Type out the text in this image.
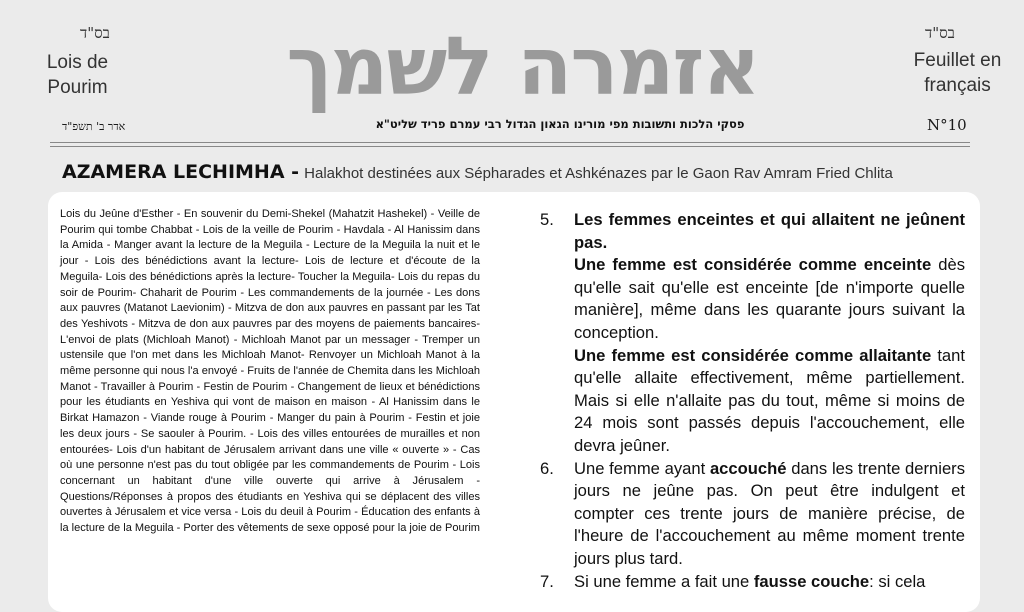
בס"ד	בס"ד
Lois de
Pourim
Feuillet en
français
אזמרה לשמך
פסקי הלכות ותשובות מפי מורינו הגאון הגדול רבי עמרם פריד שליט"א
אדר ב' תשפ"ד	N°10
AZAMERA LECHIMHA - Halakhot destinées aux Sépharades et Ashkénazes par le Gaon Rav Amram Fried Chlita

Lois du Jeûne d'Esther - En souvenir du Demi-Shekel (Mahatzit Hashekel) - Veille de Pourim qui tombe Chabbat - Lois de la veille de Pourim - Havdala - Al Hanissim dans la Amida - Manger avant la lecture de la Meguila - Lecture de la Meguila la nuit et le jour - Lois des bénédictions avant la lecture- Lois de lecture et d'écoute de la Meguila- Lois des bénédictions après la lecture- Toucher la Meguila- Lois du repas du soir de Pourim- Chaharit de Pourim - Les commandements de la journée - Les dons aux pauvres (Matanot Laevionim) - Mitzva de don aux pauvres en passant par les Tat des Yeshivots - Mitzva de don aux pauvres par des moyens de paiements bancaires- L'envoi de plats (Michloah Manot) - Michloah Manot par un messager - Tremper un ustensile que l'on met dans les Michloah Manot- Renvoyer un Michloah Manot à la même personne qui nous l'a envoyé - Fruits de l'année de Chemita dans les Michloah Manot - Travailler à Pourim - Festin de Pourim - Changement de lieux et bénédictions pour les étudiants en Yeshiva qui vont de maison en maison - Al Hanissim dans le Birkat Hamazon - Viande rouge à Pourim - Manger du pain à Pourim - Festin et joie les deux jours - Se saouler à Pourim. - Lois des villes entourées de murailles et non entourées- Lois d'un habitant de Jérusalem arrivant dans une ville « ouverte » - Cas où une personne n'est pas du tout obligée par les commandements de Pourim - Lois concernant un habitant d'une ville ouverte qui arrive à Jérusalem - Questions/Réponses à propos des étudiants en Yeshiva qui se déplacent des villes ouvertes à Jérusalem et vice versa - Lois du deuil à Pourim - Éducation des enfants à la lecture de la Meguila - Porter des vêtements de sexe opposé pour la joie de Pourim

5. Les femmes enceintes et qui allaitent ne jeûnent pas.
Une femme est considérée comme enceinte dès qu'elle sait qu'elle est enceinte [de n'importe quelle manière], même dans les quarante jours suivant la conception.
Une femme est considérée comme allaitante tant qu'elle allaite effectivement, même partiellement. Mais si elle n'allaite pas du tout, même si moins de 24 mois sont passés depuis l'accouchement, elle devra jeûner.
6. Une femme ayant accouché dans les trente derniers jours ne jeûne pas. On peut être indulgent et compter ces trente jours de manière précise, de l'heure de l'accouchement au même moment trente jours plus tard.
7. Si une femme a fait une fausse couche: si cela
